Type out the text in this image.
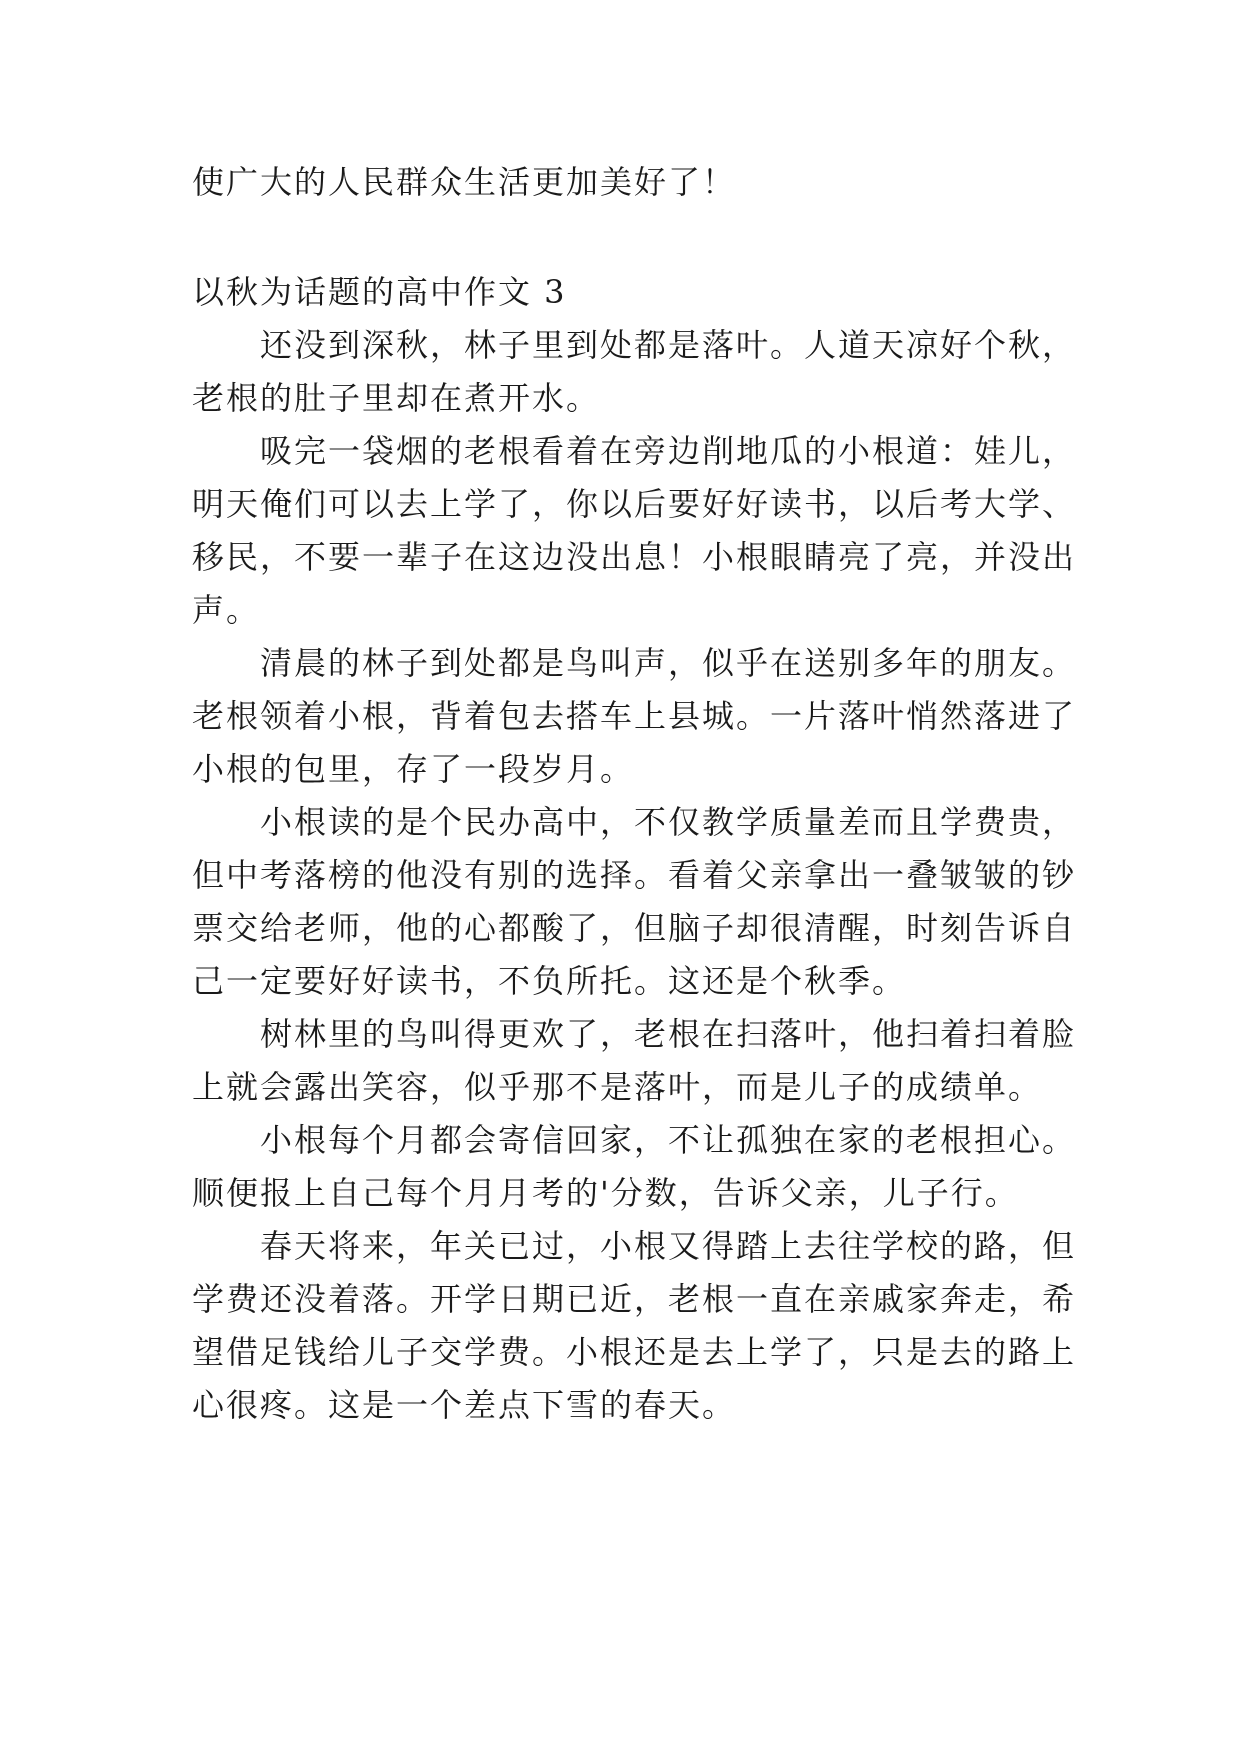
使广大的人民群众生活更加美好了！
以秋为话题的高中作文 3
还没到深秋，林子里到处都是落叶。人道天凉好个秋，
老根的肚子里却在煮开水。
吸完一袋烟的老根看着在旁边削地瓜的小根道：娃儿，
明天俺们可以去上学了，你以后要好好读书，以后考大学、
移民，不要一辈子在这边没出息！小根眼睛亮了亮，并没出
声。
清晨的林子到处都是鸟叫声，似乎在送别多年的朋友。
老根领着小根，背着包去搭车上县城。一片落叶悄然落进了
小根的包里，存了一段岁月。
小根读的是个民办高中，不仅教学质量差而且学费贵，
但中考落榜的他没有别的选择。看着父亲拿出一叠皱皱的钞
票交给老师，他的心都酸了，但脑子却很清醒，时刻告诉自
己一定要好好读书，不负所托。这还是个秋季。
树林里的鸟叫得更欢了，老根在扫落叶，他扫着扫着脸
上就会露出笑容，似乎那不是落叶，而是儿子的成绩单。
小根每个月都会寄信回家，不让孤独在家的老根担心。
顺便报上自己每个月月考的'分数，告诉父亲，儿子行。
春天将来，年关已过，小根又得踏上去往学校的路，但
学费还没着落。开学日期已近，老根一直在亲戚家奔走，希
望借足钱给儿子交学费。小根还是去上学了，只是去的路上
心很疼。这是一个差点下雪的春天。
